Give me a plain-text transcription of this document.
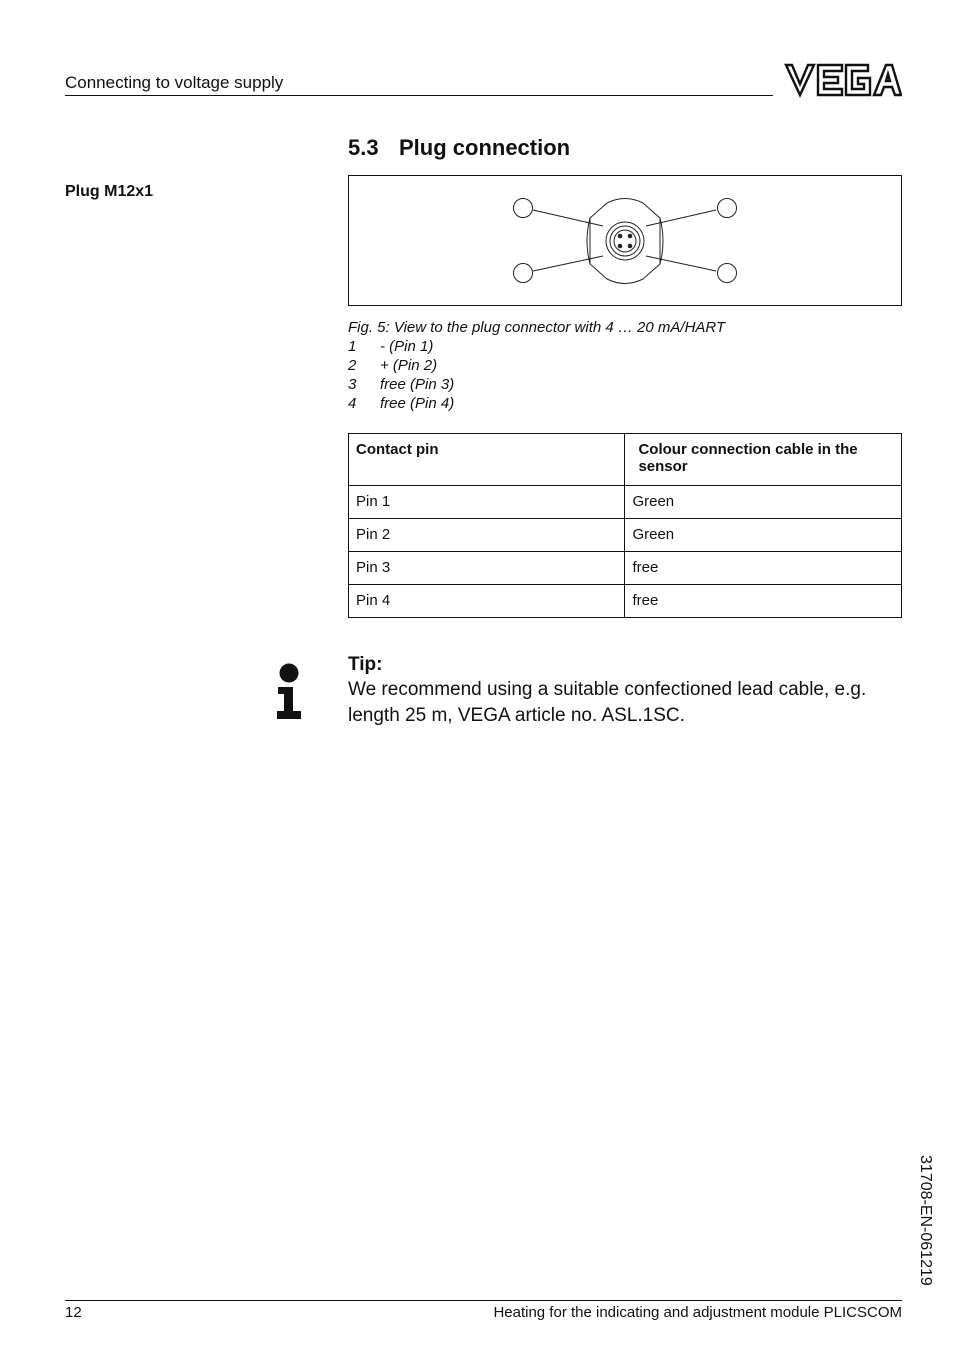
Connecting to voltage supply
5.3 Plug connection
Plug M12x1
Fig. 5: View to the plug connector with 4 … 20 mA/HART
1	- (Pin 1)
2	+ (Pin 2)
3	free (Pin 3)
4	free (Pin 4)
Contact pin	Colour connection cable in the sensor
Pin 1	Green
Pin 2	Green
Pin 3	free
Pin 4	free
Tip:
We recommend using a suitable confectioned lead cable, e.g. length 25 m, VEGA article no. ASL.1SC.
31708-EN-061219
12	Heating for the indicating and adjustment module PLICSCOM
